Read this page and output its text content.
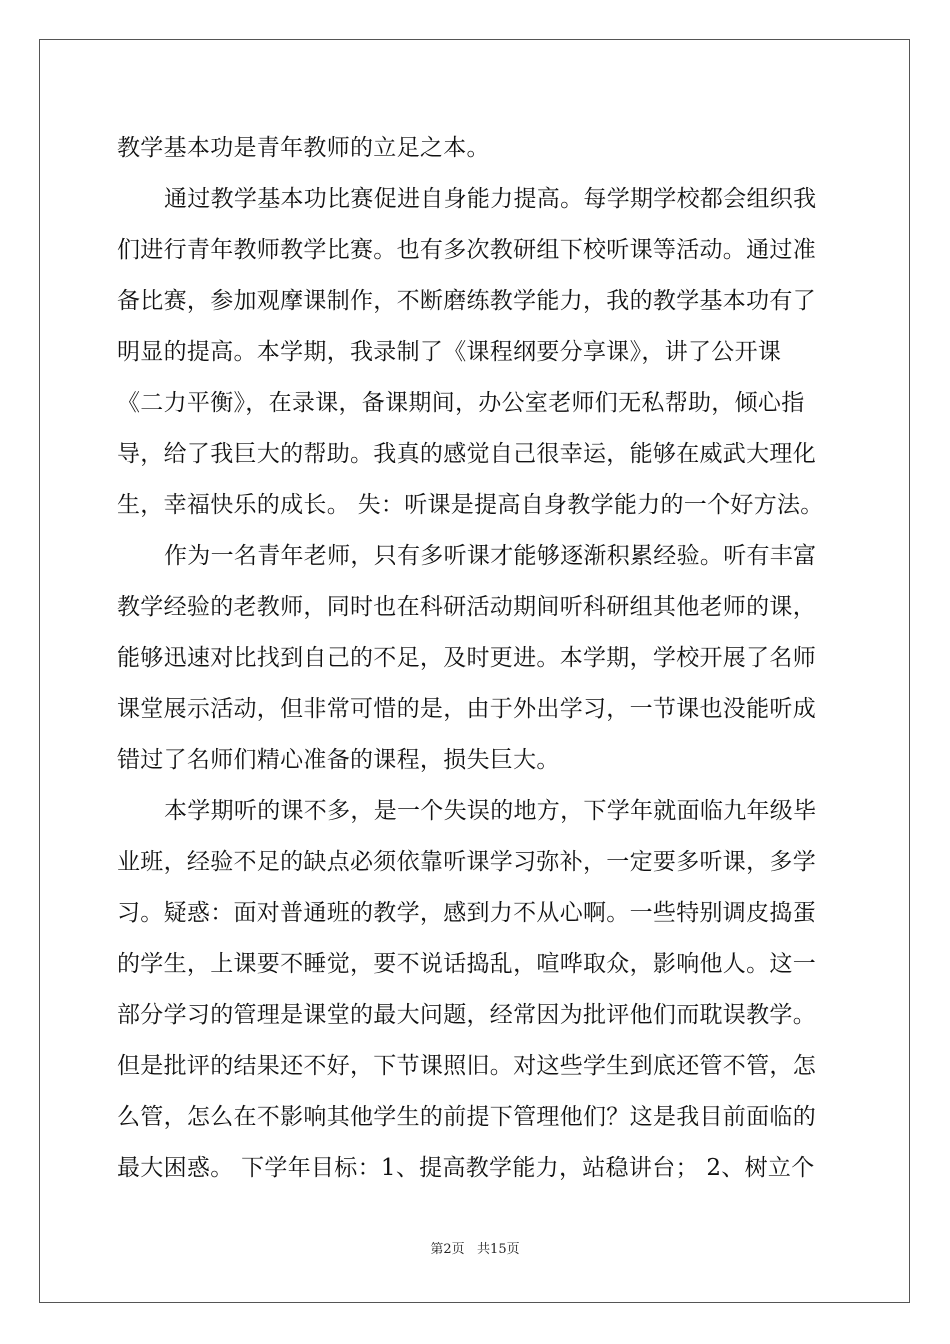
教学基本功是青年教师的立足之本。
通过教学基本功比赛促进自身能力提高。每学期学校都会组织我
们进行青年教师教学比赛。也有多次教研组下校听课等活动。通过准
备比赛，参加观摩课制作，不断磨练教学能力，我的教学基本功有了
明显的提高。本学期，我录制了《课程纲要分享课》，讲了公开课
《二力平衡》，在录课，备课期间，办公室老师们无私帮助，倾心指
导，给了我巨大的帮助。我真的感觉自己很幸运，能够在威武大理化
生，幸福快乐的成长。 失：听课是提高自身教学能力的一个好方法。
作为一名青年老师，只有多听课才能够逐渐积累经验。听有丰富
教学经验的老教师，同时也在科研活动期间听科研组其他老师的课，
能够迅速对比找到自己的不足，及时更进。本学期，学校开展了名师
课堂展示活动，但非常可惜的是，由于外出学习，一节课也没能听成
错过了名师们精心准备的课程，损失巨大。
本学期听的课不多，是一个失误的地方，下学年就面临九年级毕
业班，经验不足的缺点必须依靠听课学习弥补，一定要多听课，多学
习。疑惑：面对普通班的教学，感到力不从心啊。一些特别调皮捣蛋
的学生，上课要不睡觉，要不说话捣乱，喧哗取众，影响他人。这一
部分学习的管理是课堂的最大问题，经常因为批评他们而耽误教学。
但是批评的结果还不好，下节课照旧。对这些学生到底还管不管，怎
么管，怎么在不影响其他学生的前提下管理他们？这是我目前面临的
最大困惑。 下学年目标：1、提高教学能力，站稳讲台； 2、树立个
第2页   共15页
